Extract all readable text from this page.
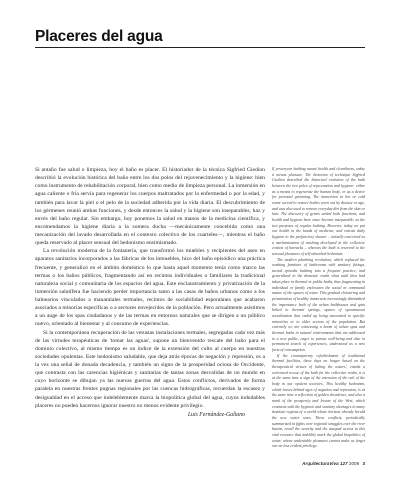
Placeres del agua

Si antaño fue salud o limpieza, hoy el baño es placer. El historiador de la técnica Sigfried Giedion describió la evolución histórica del baño entre los dos polos del rejuvenecimiento y la higiene: bien como instrumento de rehabilitación corporal, bien como medio de limpieza personal. La inmersión en agua caliente o fría servía para regenerar los cuerpos maltratados por la enfermedad o por la edad, y también para lavar la piel o el pelo de la suciedad adherida por la vida diaria. El descubrimiento de los gérmenes reunió ambas funciones, y desde entonces la salud y la higiene son inseparables, haz y envés del baño regular. Sin embargo, hoy ponemos la salud en manos de la medicina científica, y encomendamos la higiene diaria a la somera ducha —mecánicamente concebida como una mecanización del lavado desarrollada en el contexto colectivo de los cuarteles—, mientras el baño queda reservado al placer sensual del hedonismo ensimismado.

La revolución moderna de la fontanería, que transformó los muebles y recipientes del aseo en aparatos sanitarios incorporados a las fábricas de los inmuebles, hizo del baño episódico una práctica frecuente, y generalizó en el ámbito doméstico lo que hasta aquel momento tenía como marco las termas o los baños públicos, fragmentando así en recintos individuales o familiares la tradicional naturaleza social y comunitaria de los espacios del agua. Este enclaustramiento y privatización de la inmersión salutífera fue haciendo perder importancia tanto a las casas de baños urbanos como a los balnearios vinculados a manantiales termales, recintos de sociabilidad espontánea que acabaron asociados a minorías específicas o a sectores envejecidos de la población. Pero actualmente asistimos a un auge de los spas ciudadanos y de las termas en entornos naturales que se dirigen a un público nuevo, orientado al bienestar y al consumo de experiencias.

Si la contemporánea recuperación de las vetustas instalaciones termales, segregadas cada vez más de las virtudes terapéuticas de 'tomar las aguas', supone un bienvenido rescate del baño para el dominio colectivo, al mismo tiempo es un índice de la extensión del culto al cuerpo en nuestras sociedades opulentas. Este hedonismo saludable, que deja atrás épocas de negación y represión, es a la vez una señal de donada decadencia, y también un signo de la prosperidad ociosa de Occidente, que contrasta con las carencias higiénicas y sanitarias de tantas zonas desvalidas de un mundo en cuyo horizonte se dibujan ya las nuevas guerras del agua. Estos conflictos, derivados de forma paralela en nuestras frentes pugnas regionales por las cuencas hidrográficas, recuerdan la escasez y desigualdad en el acceso que indeleblemente marca la biopolítica global del agua, cuyos indudables placeres no pueden hacernos ignorar nuestro no menos evidente privilegio.

Luis Fernández-Galiano

If yesteryear bathing meant health and cleanliness, today it means pleasure. The historian of technique Sigfried Giedion described the historical evolution of the bath between the two poles of rejuvenation and hygiene: either as a means to regenerate the human body, or as a device for personal grooming. The immersion in hot or cold water served to restore bodies worn out by disease or age, and was also used to remove everyday dirt from the skin or hair. The discovery of germs united both functions, and health and hygiene have since become inseparable, as the two purposes of regular bathing. However, today we put our health in the hands of medicine, and entrust daily hygiene to the perfunctory shower – initially conceived as a mechanization of washing developed in the collective context of barracks – whereas the bath is reserved to the sensual pleasures of self-absorbed hedonism.

The modern plumbing revolution, which replaced the washing furniture of bathrooms with sanitary fittings, turned episodic bathing into a frequent practice, and generalized in the domestic realm what until then had taken place in thermal or public baths, thus fragmenting in individual or family enclosures the social or communal nature of the spaces of water. This gradual cloistering and privatization of healthy immersion increasingly diminished the importance both of the urban bathhouses and spas linked to thermal springs, spaces of spontaneous socialization that ended up being associated to specific minorities or to older sectors of the population. But currently we are witnessing a boom of urban spas and thermal baths in natural environments that are addressed to a new public, eager to pursue well-being and also in permanent search of experiences, understood as a new form of consumption.

If the contemporary refurbishment of traditional thermal facilities, these days no longer based on the therapeutical virtues of 'taking the waters', entails a welcomed rescue of the bath for the collective realm, it is at the same time a sign of the extension of the cult of the body in our opulent societies. This healthy hedonism, which leaves behind ages of negation and repression, is at the same time a reflection of golden decadence, and also a mark of the prosperity and leisure of the West, which contrasts with the hygienic and sanitary shortages in many destitute regions of a world whose horizon already herald the new water wars. These conflicts, periodically summarized in fights over regional struggles over the river basins, recall the scarcity and the unequal access to this vital resource that indelibly mark the global biopolitics of water, whose undeniable pleasures cannot make us forget our no less evident privilege.

ArquitecturaViva 127 2009 3
